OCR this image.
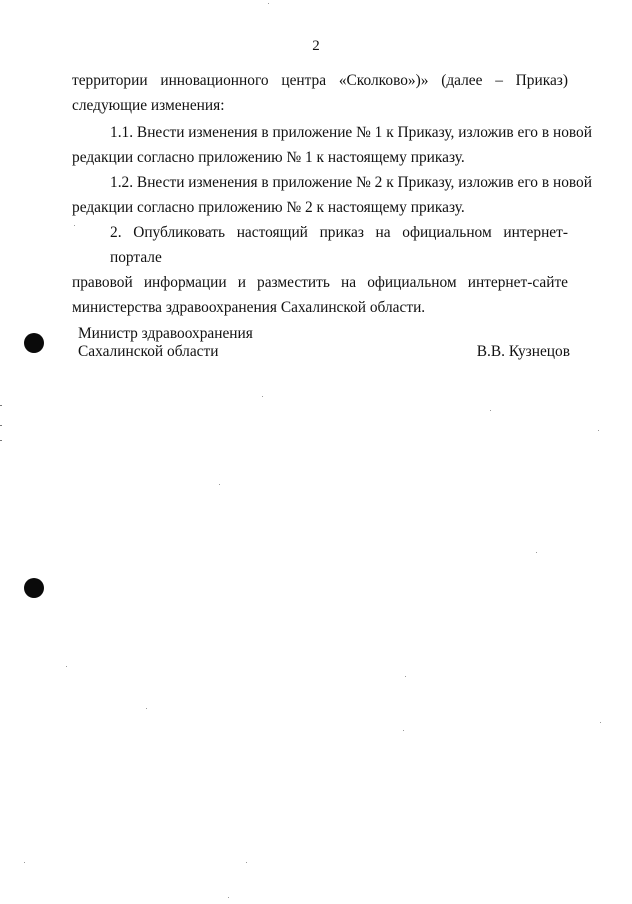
2
территории инновационного центра «Сколково»)» (далее – Приказ)
следующие изменения:
1.1. Внести изменения в приложение № 1 к Приказу, изложив его в новой
редакции согласно приложению № 1 к настоящему приказу.
1.2. Внести изменения в приложение № 2 к Приказу, изложив его в новой
редакции согласно приложению № 2 к настоящему приказу.
2. Опубликовать настоящий приказ на официальном интернет-портале
правовой информации и разместить на официальном интернет-сайте
министерства здравоохранения Сахалинской области.
Министр здравоохранения
Сахалинской области	В.В. Кузнецов
